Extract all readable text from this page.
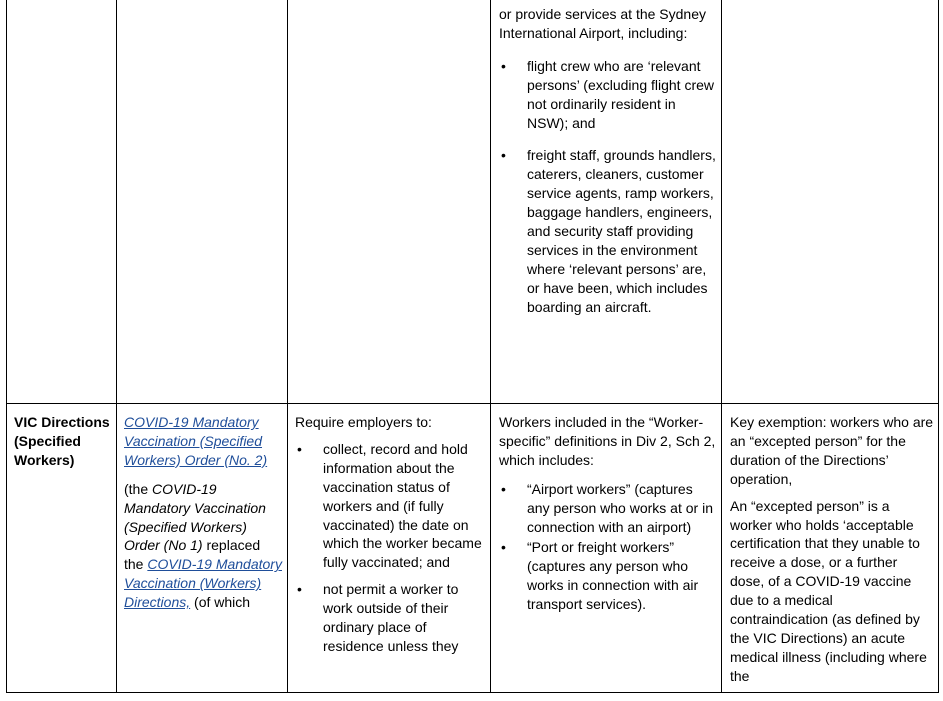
or provide services at the Sydney International Airport, including:

• flight crew who are ‘relevant persons’ (excluding flight crew not ordinarily resident in NSW); and
• freight staff, grounds handlers, caterers, cleaners, customer service agents, ramp workers, baggage handlers, engineers, and security staff providing services in the environment where ‘relevant persons’ are, or have been, which includes boarding an aircraft.

VIC Directions (Specified Workers)

COVID-19 Mandatory Vaccination (Specified Workers) Order (No. 2)

(the COVID-19 Mandatory Vaccination (Specified Workers) Order (No 1) replaced the COVID-19 Mandatory Vaccination (Workers) Directions, (of which

Require employers to:

• collect, record and hold information about the vaccination status of workers and (if fully vaccinated) the date on which the worker became fully vaccinated; and
• not permit a worker to work outside of their ordinary place of residence unless they

Workers included in the “Worker-specific” definitions in Div 2, Sch 2, which includes:

• “Airport workers” (captures any person who works at or in connection with an airport)
• “Port or freight workers” (captures any person who works in connection with air transport services).

Key exemption: workers who are an “excepted person” for the duration of the Directions’ operation,

An “excepted person” is a worker who holds ‘acceptable certification that they unable to receive a dose, or a further dose, of a COVID-19 vaccine due to a medical contraindication (as defined by the VIC Directions) an acute medical illness (including where the
